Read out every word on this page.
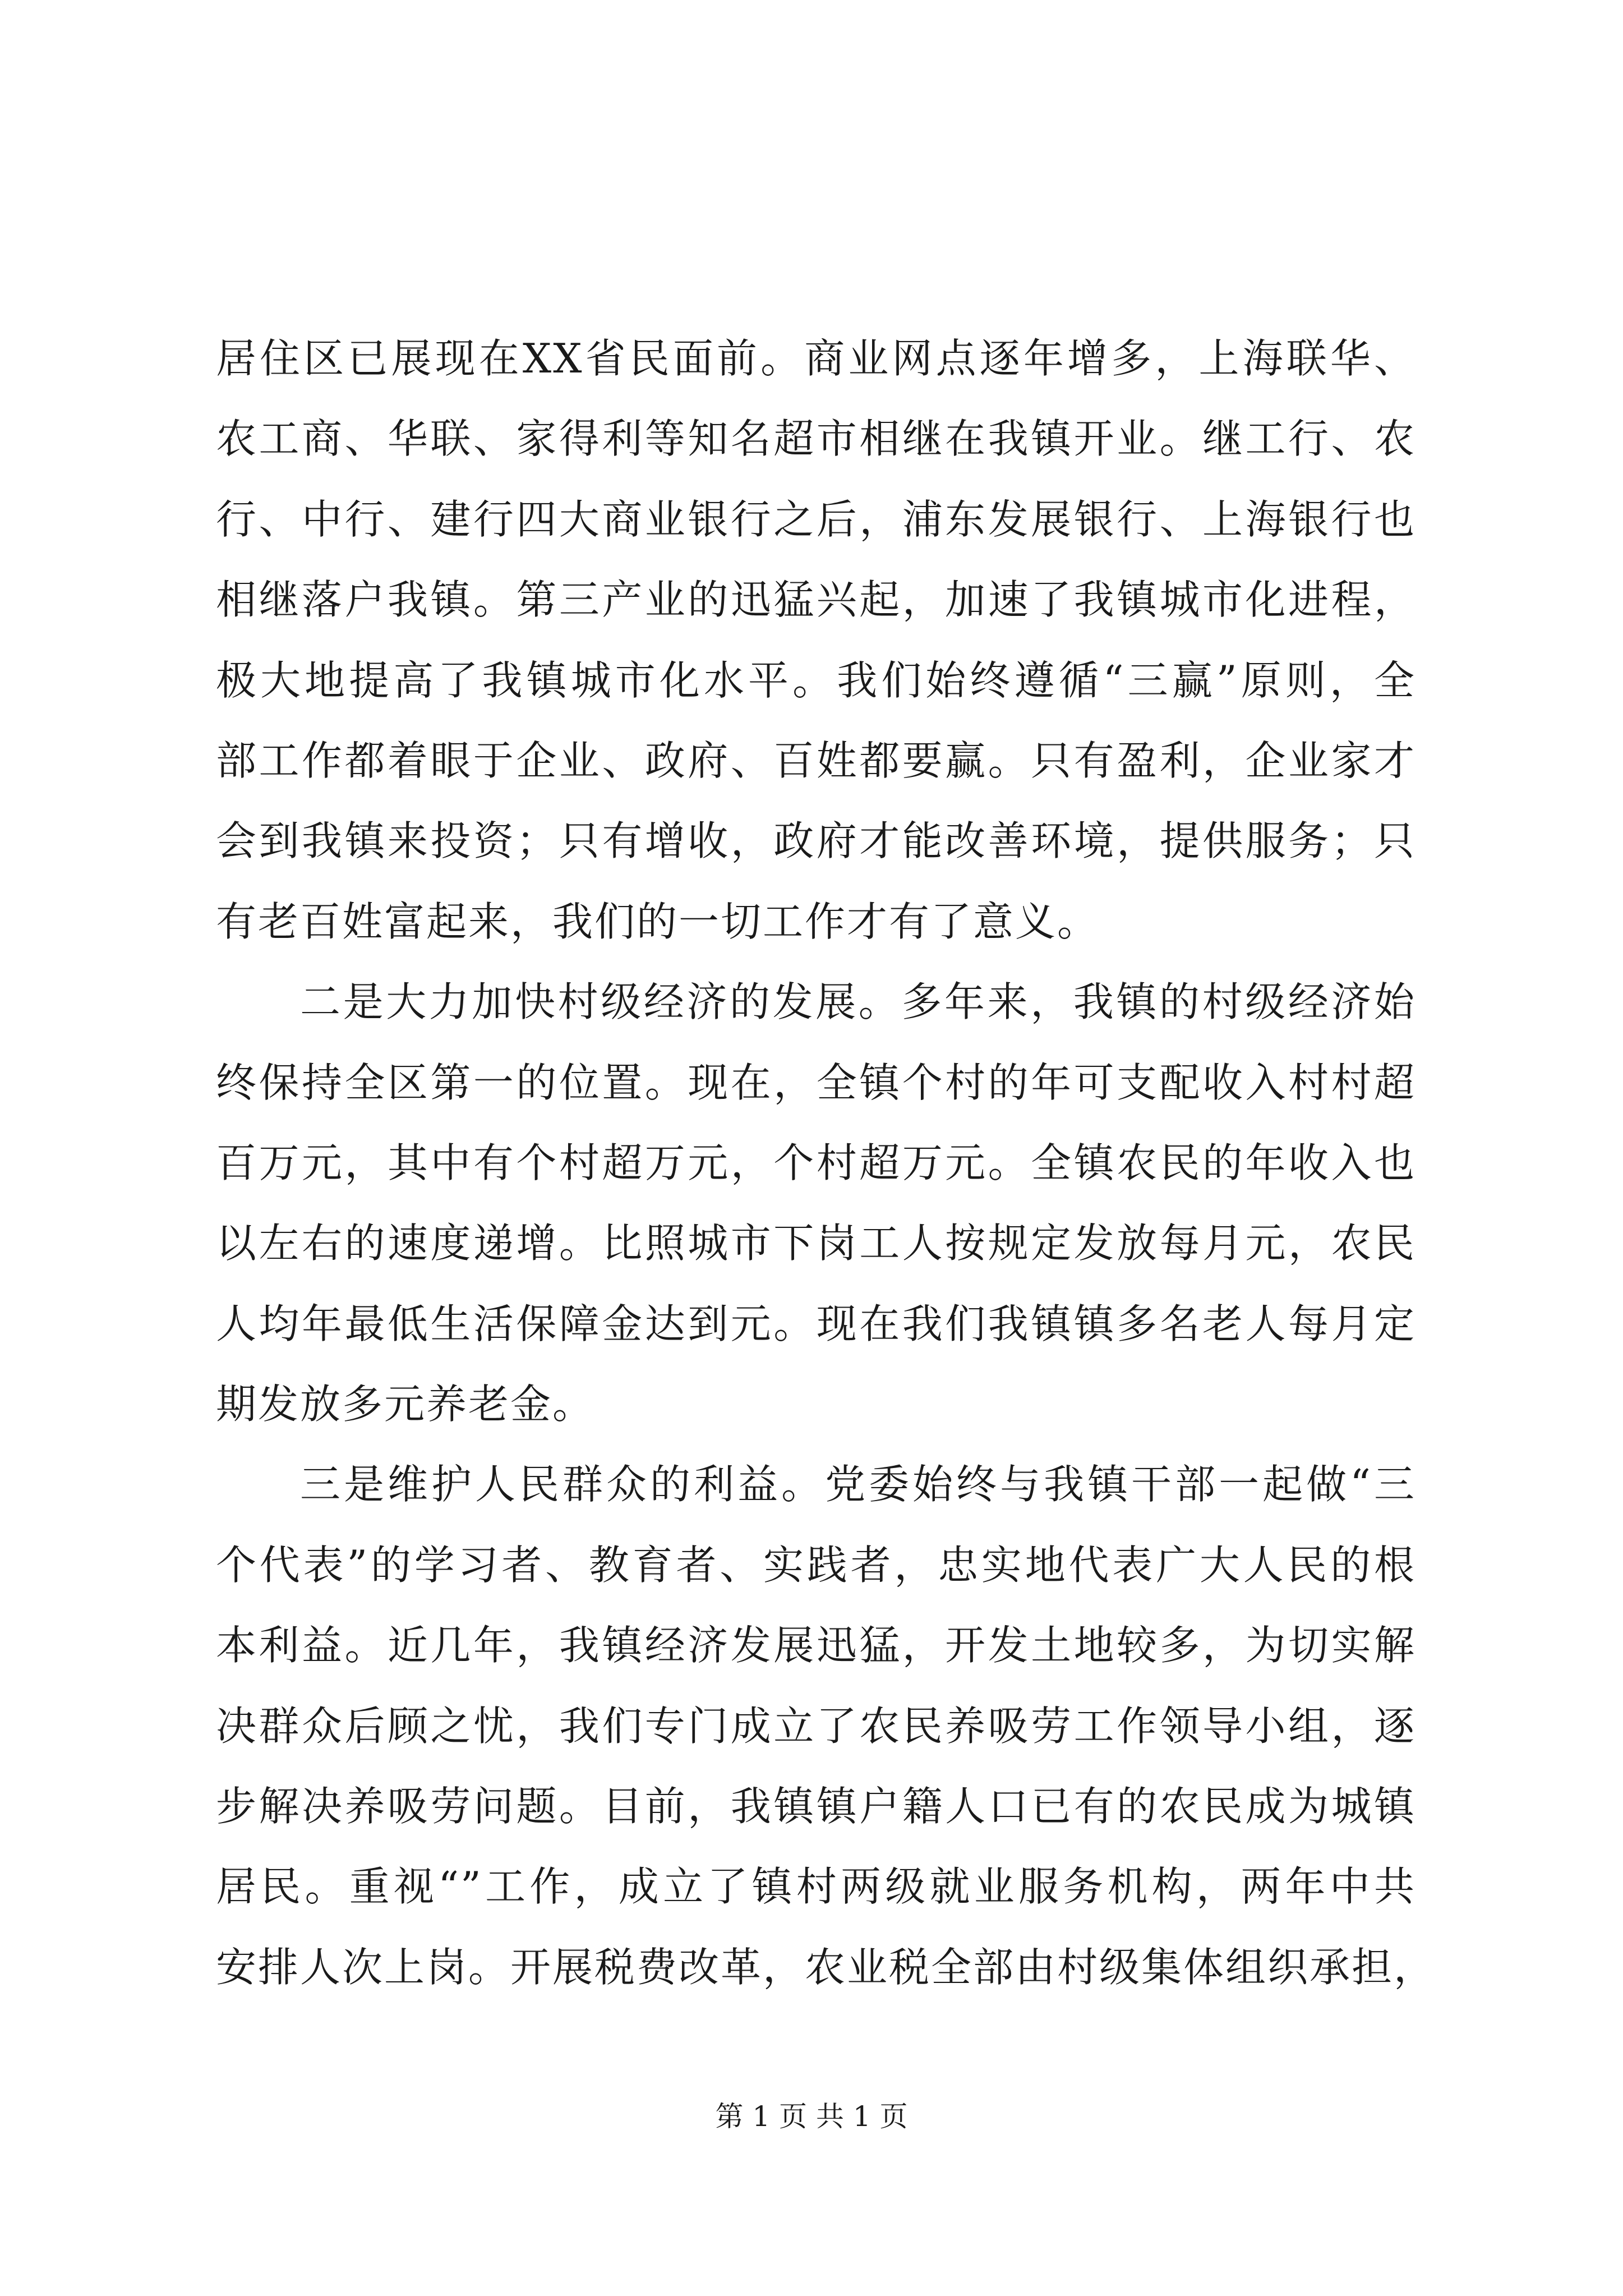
居住区已展现在XX省民面前。商业网点逐年增多，上海联华、
农工商、华联、家得利等知名超市相继在我镇开业。继工行、农
行、中行、建行四大商业银行之后，浦东发展银行、上海银行也
相继落户我镇。第三产业的迅猛兴起，加速了我镇城市化进程，
极大地提高了我镇城市化水平。我们始终遵循“三赢”原则，全
部工作都着眼于企业、政府、百姓都要赢。只有盈利，企业家才
会到我镇来投资；只有增收，政府才能改善环境，提供服务；只
有老百姓富起来，我们的一切工作才有了意义。
二是大力加快村级经济的发展。多年来，我镇的村级经济始
终保持全区第一的位置。现在，全镇个村的年可支配收入村村超
百万元，其中有个村超万元，个村超万元。全镇农民的年收入也
以左右的速度递增。比照城市下岗工人按规定发放每月元，农民
人均年最低生活保障金达到元。现在我们我镇镇多名老人每月定
期发放多元养老金。
三是维护人民群众的利益。党委始终与我镇干部一起做“三
个代表”的学习者、教育者、实践者，忠实地代表广大人民的根
本利益。近几年，我镇经济发展迅猛，开发土地较多，为切实解
决群众后顾之忧，我们专门成立了农民养吸劳工作领导小组，逐
步解决养吸劳问题。目前，我镇镇户籍人口已有的农民成为城镇
居民。重视“”工作，成立了镇村两级就业服务机构，两年中共
安排人次上岗。开展税费改革，农业税全部由村级集体组织承担，
第 1 页 共 1 页
